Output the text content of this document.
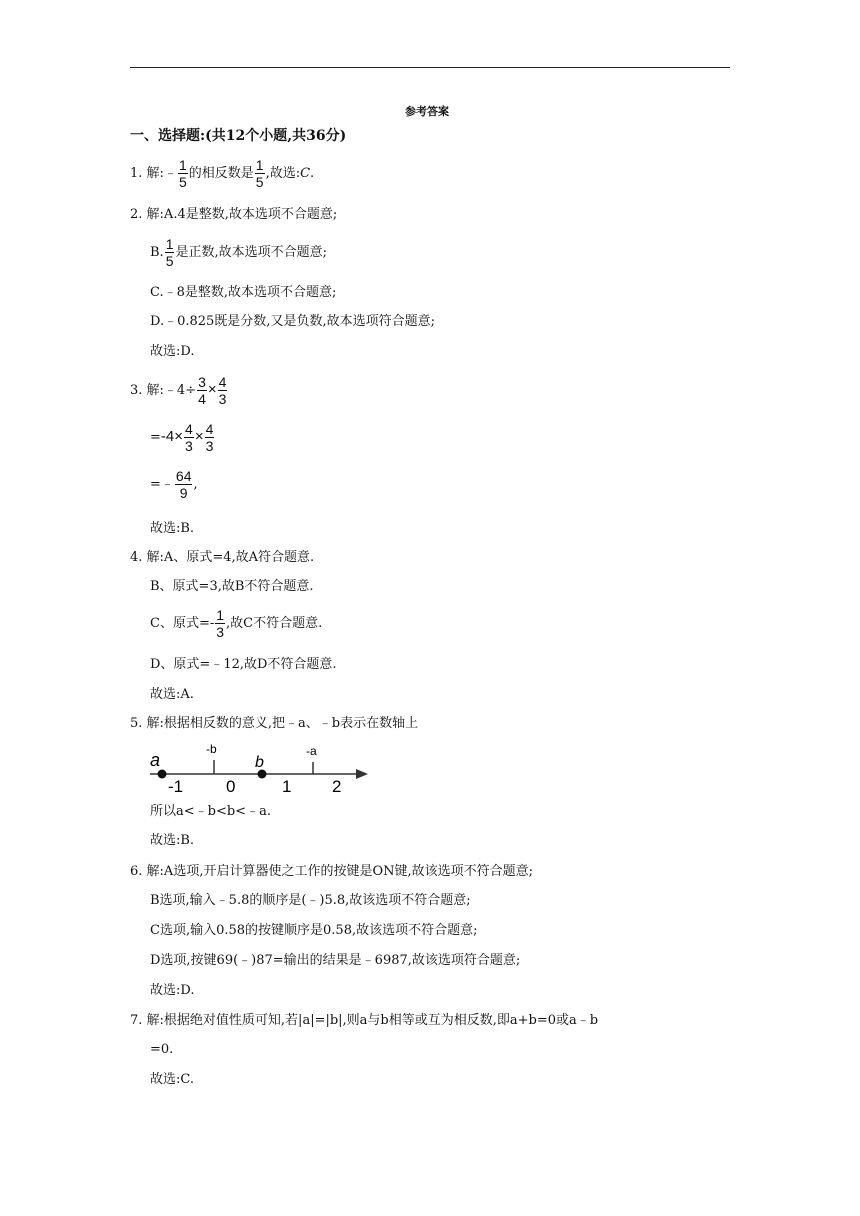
参考答案
一、选择题:(共12个小题,共36分)
1. 解:﹣ $\frac{1}{5}$ 的相反数是 $\frac{1}{5}$ ,故选:C.
2. 解:A.4是整数,故本选项不合题意;
B. $\frac{1}{5}$ 是正数,故本选项不合题意;
C.﹣8是整数,故本选项不合题意;
D.﹣0.825既是分数,又是负数,故本选项符合题意;
故选:D.
3. 解:﹣4÷ $\frac{3}{4} \times \frac{4}{3}$
$=-4\times \frac{4}{3} \times \frac{4}{3}$
=﹣ $\frac{64}{9}$ ,
故选:B.
4. 解:A、原式=4,故A符合题意.
B、原式=3,故B不符合题意.
C、原式=- $\frac{1}{3}$ ,故C不符合题意.
D、原式=﹣12,故D不符合题意.
故选:A.
5. 解:根据相反数的意义,把﹣a、﹣b表示在数轴上
a
-b
b
-a
-1	0	1 2
所以a<﹣b<b<﹣a.
故选:B.
6. 解:A选项,开启计算器使之工作的按键是ON键,故该选项不符合题意;
B选项,输入﹣5.8的顺序是(﹣)5.8,故该选项不符合题意;
C选项,输入0.58的按键顺序是0.58,故该选项不符合题意;
D选项,按键69(﹣)87=输出的结果是﹣6987,故该选项符合题意;
故选:D.
7. 解:根据绝对值性质可知,若|a|=|b|,则a与b相等或互为相反数,即a+b=0或a﹣b
=0.
故选:C.
